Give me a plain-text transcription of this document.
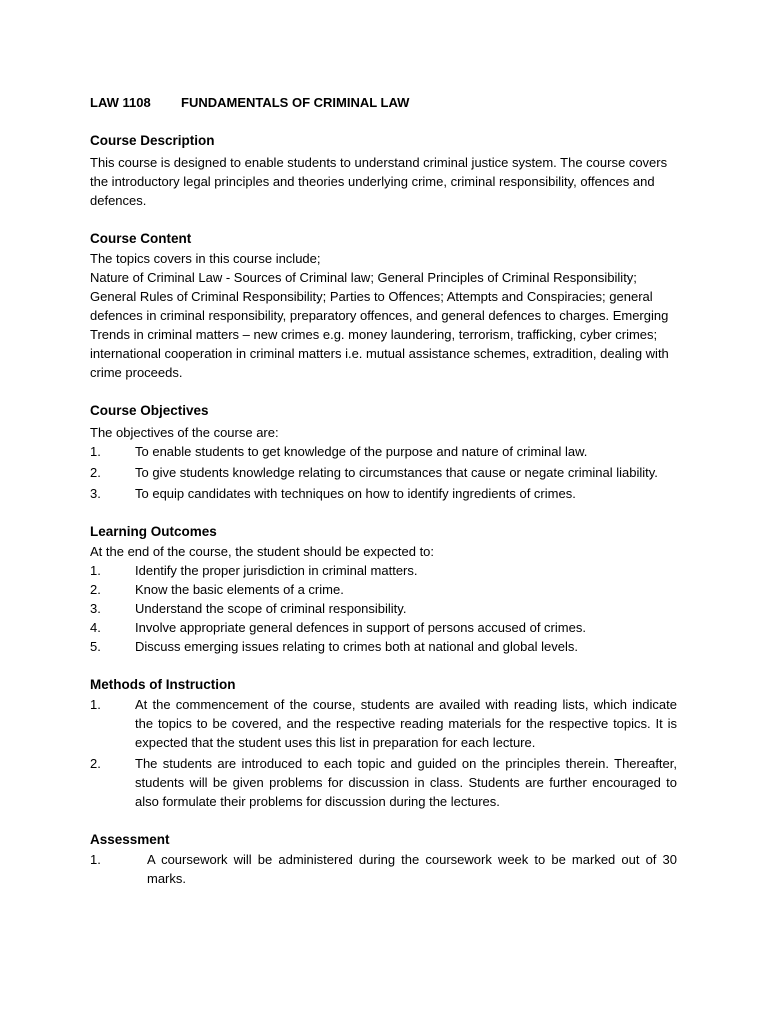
LAW 1108	FUNDAMENTALS OF CRIMINAL LAW
Course Description

This course is designed to enable students to understand criminal justice system. The course covers the introductory legal principles and theories underlying crime, criminal responsibility, offences and defences.

Course Content

The topics covers in this course include;

Nature of Criminal Law - Sources of Criminal law; General Principles of Criminal Responsibility; General Rules of Criminal Responsibility; Parties to Offences; Attempts and Conspiracies; general defences in criminal responsibility, preparatory offences, and general defences to charges. Emerging Trends in criminal matters – new crimes e.g. money laundering, terrorism, trafficking, cyber crimes; international cooperation in criminal matters i.e. mutual assistance schemes, extradition, dealing with crime proceeds.

Course Objectives

The objectives of the course are:

1.	To enable students to get knowledge of the purpose and nature of criminal law.
2.	To give students knowledge relating to circumstances that cause or negate criminal liability.
3.	To equip candidates with techniques on how to identify ingredients of crimes.
Learning Outcomes

At the end of the course, the student should be expected to:

1.	Identify the proper jurisdiction in criminal matters.
2.	Know the basic elements of a crime.
3.	Understand the scope of criminal responsibility.
4.	Involve appropriate general defences in support of persons accused of crimes.
5.	Discuss emerging issues relating to crimes both at national and global levels.
Methods of Instruction
1.	At the commencement of the course, students are availed with reading lists, which indicate the topics to be covered, and the respective reading materials for the respective topics. It is expected that the student uses this list in preparation for each lecture.
2.	The students are introduced to each topic and guided on the principles therein. Thereafter, students will be given problems for discussion in class. Students are further encouraged to also formulate their problems for discussion during the lectures.
Assessment
1.	A coursework will be administered during the coursework week to be marked out of 30 marks.
